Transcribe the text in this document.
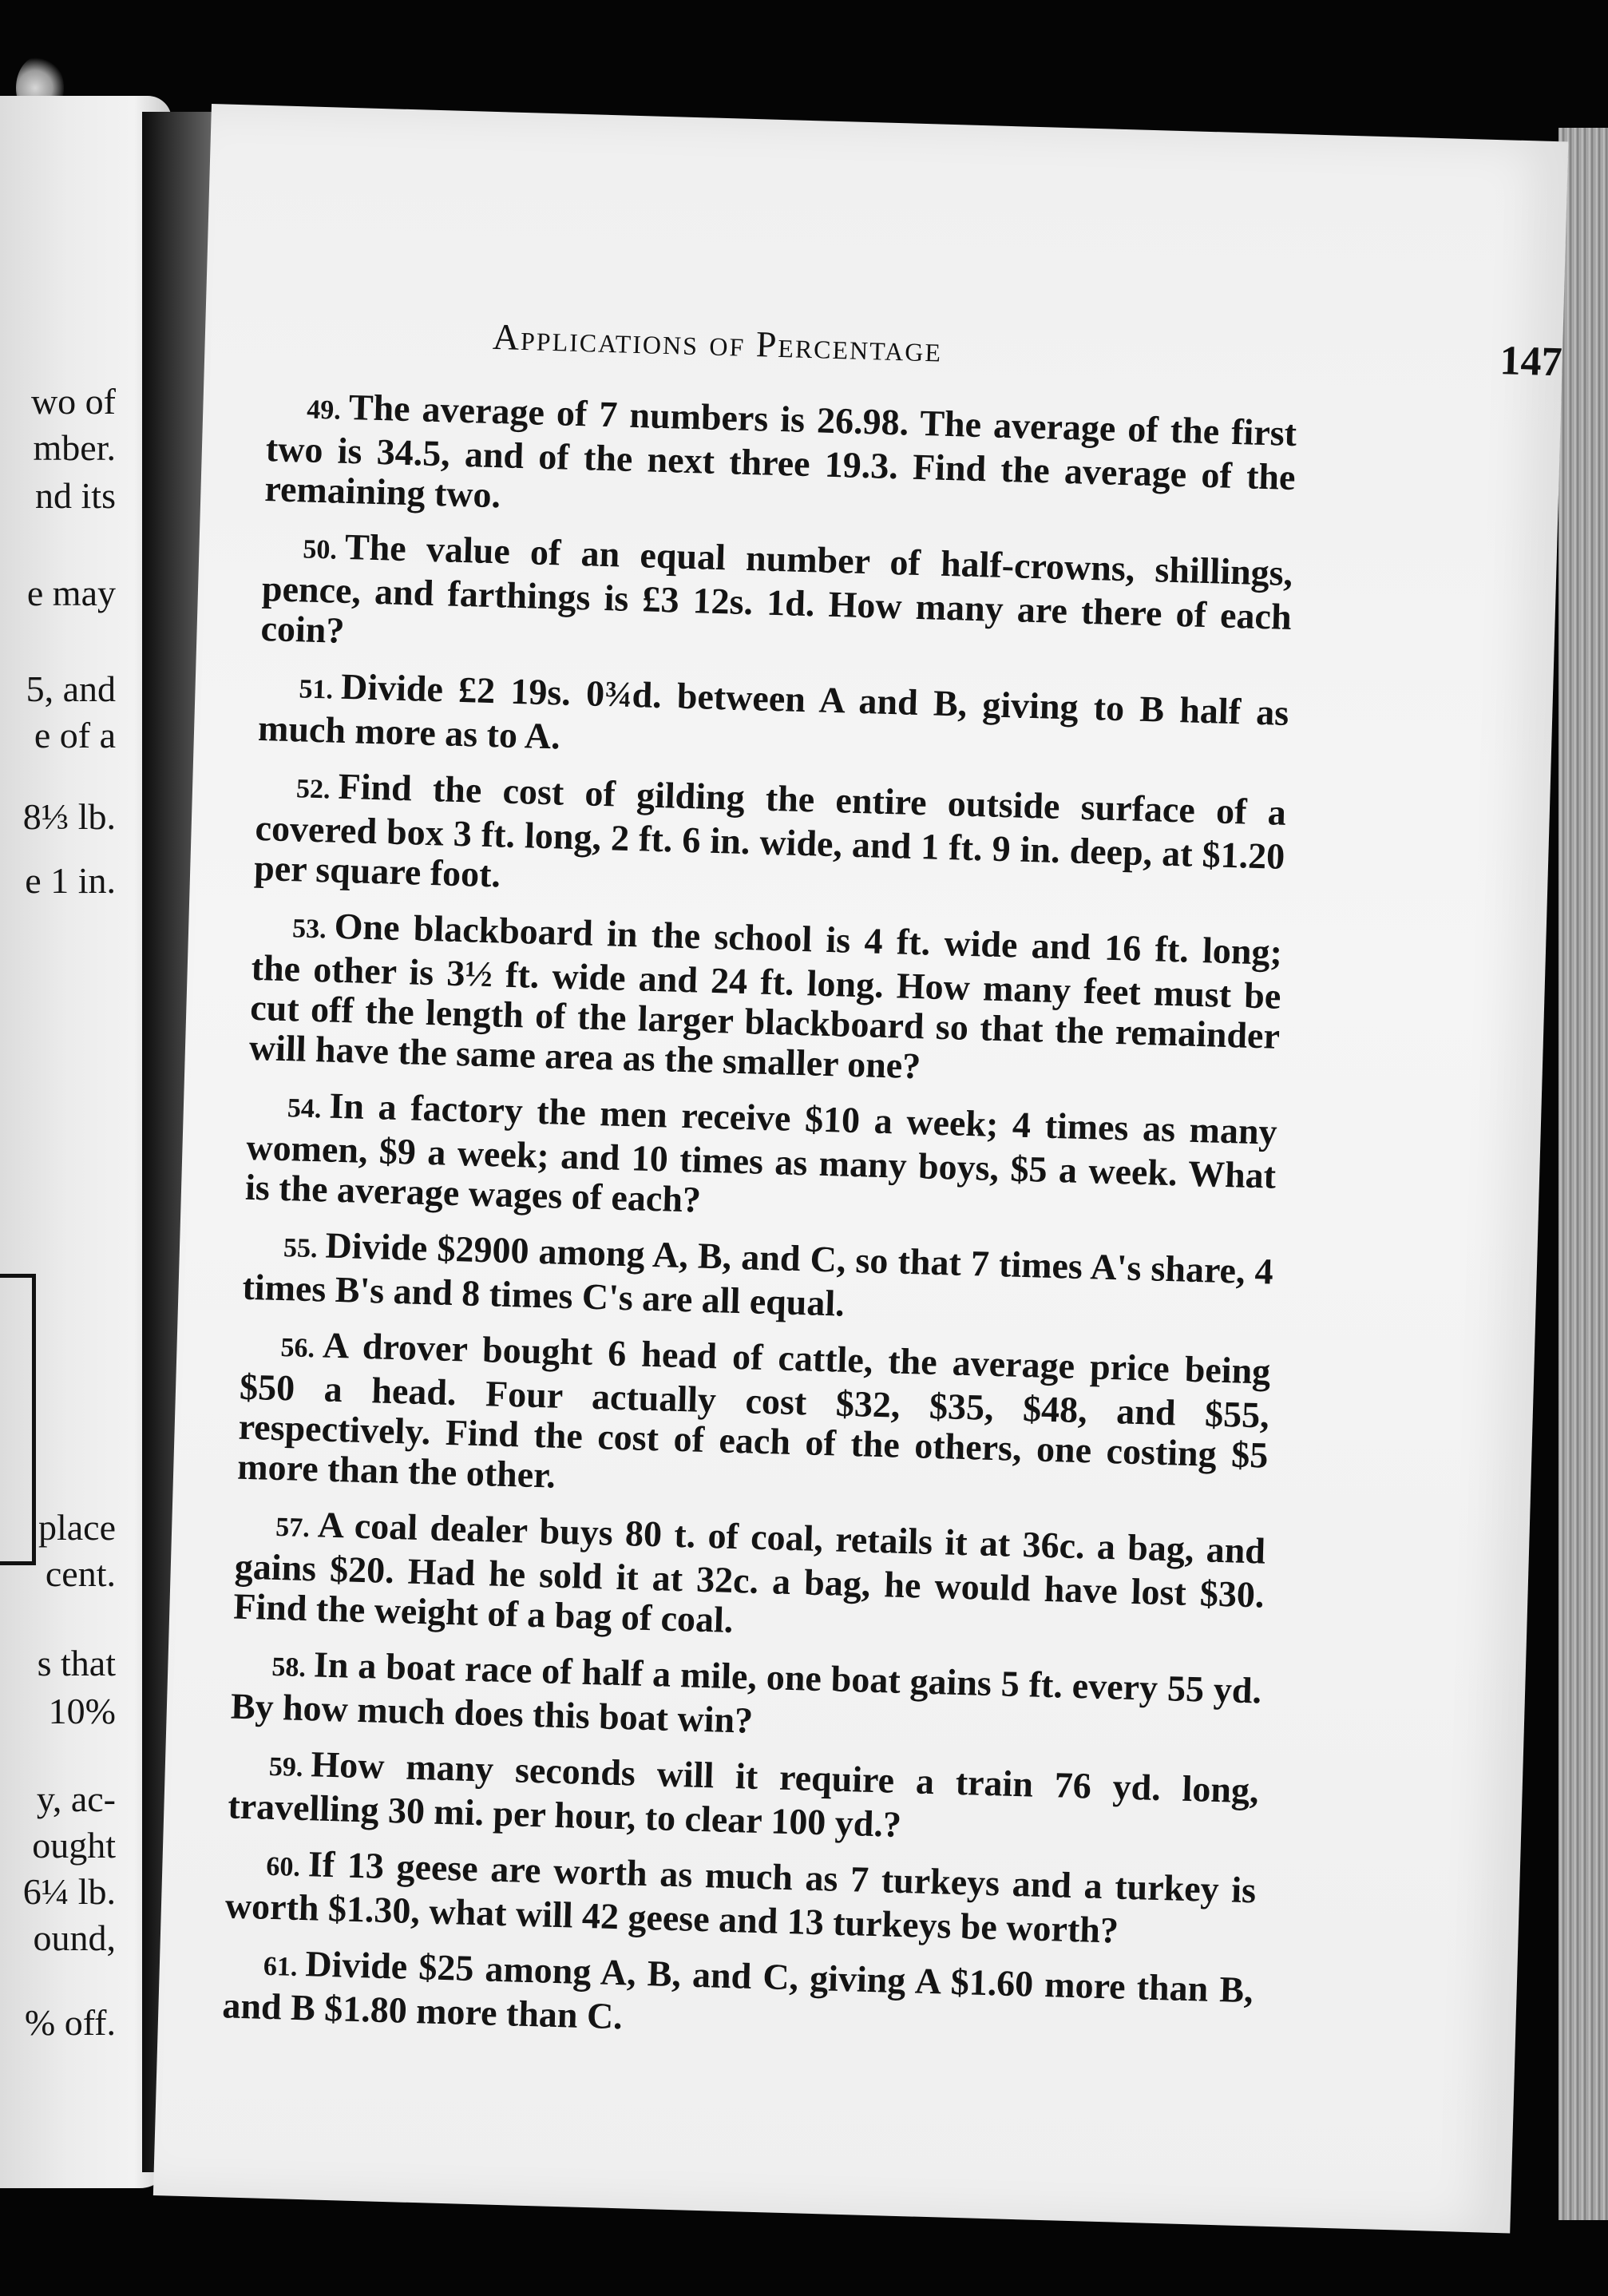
wo of
mber.
nd its
e may
5, and
e of a
8⅓ lb.
e 1 in.
place
cent.
s that
10%
y, ac-
ought
6¼ lb.
ound,
% off.
Applications of Percentage	147

49. The average of 7 numbers is 26.98. The average of the first two is 34.5, and of the next three 19.3. Find the average of the remaining two.

50. The value of an equal number of half-crowns, shillings, pence, and farthings is £3 12s. 1d. How many are there of each coin?

51. Divide £2 19s. 0¾d. between A and B, giving to B half as much more as to A.

52. Find the cost of gilding the entire outside surface of a covered box 3 ft. long, 2 ft. 6 in. wide, and 1 ft. 9 in. deep, at $1.20 per square foot.

53. One blackboard in the school is 4 ft. wide and 16 ft. long; the other is 3½ ft. wide and 24 ft. long. How many feet must be cut off the length of the larger blackboard so that the remainder will have the same area as the smaller one?

54. In a factory the men receive $10 a week; 4 times as many women, $9 a week; and 10 times as many boys, $5 a week. What is the average wages of each?

55. Divide $2900 among A, B, and C, so that 7 times A's share, 4 times B's and 8 times C's are all equal.

56. A drover bought 6 head of cattle, the average price being $50 a head. Four actually cost $32, $35, $48, and $55, respectively. Find the cost of each of the others, one costing $5 more than the other.

57. A coal dealer buys 80 t. of coal, retails it at 36c. a bag, and gains $20. Had he sold it at 32c. a bag, he would have lost $30. Find the weight of a bag of coal.

58. In a boat race of half a mile, one boat gains 5 ft. every 55 yd. By how much does this boat win?

59. How many seconds will it require a train 76 yd. long, travelling 30 mi. per hour, to clear 100 yd.?

60. If 13 geese are worth as much as 7 turkeys and a turkey is worth $1.30, what will 42 geese and 13 turkeys be worth?

61. Divide $25 among A, B, and C, giving A $1.60 more than B, and B $1.80 more than C.
